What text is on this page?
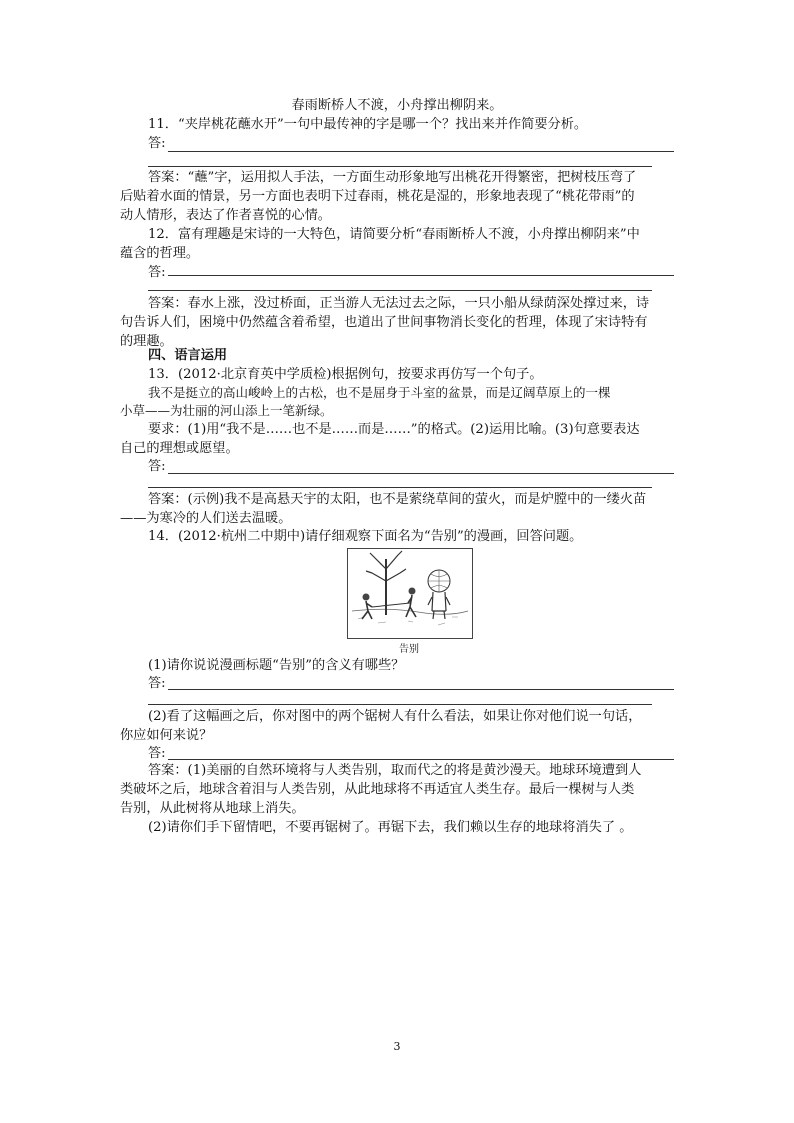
春雨断桥人不渡，小舟撑出柳阴来。
11．“夹岸桃花蘸水开”一句中最传神的字是哪一个？找出来并作简要分析。
答:
答案：“蘸”字，运用拟人手法，一方面生动形象地写出桃花开得繁密，把树枝压弯了
后贴着水面的情景，另一方面也表明下过春雨，桃花是湿的，形象地表现了“桃花带雨”的
动人情形，表达了作者喜悦的心情。
12．富有理趣是宋诗的一大特色，请简要分析“春雨断桥人不渡，小舟撑出柳阴来”中
蕴含的哲理。
答:
答案：春水上涨，没过桥面，正当游人无法过去之际，一只小船从绿荫深处撑过来，诗
句告诉人们，困境中仍然蕴含着希望，也道出了世间事物消长变化的哲理，体现了宋诗特有
的理趣。
四、语言运用
13．(2012·北京育英中学质检)根据例句，按要求再仿写一个句子。
我不是挺立的高山峻岭上的古松，也不是屈身于斗室的盆景，而是辽阔草原上的一棵
小草——为壮丽的河山添上一笔新绿。
要求：(1)用“我不是……也不是……而是……”的格式。(2)运用比喻。(3)句意要表达
自己的理想或愿望。
答:
答案：(示例)我不是高悬天宇的太阳，也不是萦绕草间的萤火，而是炉膛中的一缕火苗
——为寒冷的人们送去温暖。
14．(2012·杭州二中期中)请仔细观察下面名为“告别”的漫画，回答问题。
告别
(1)请你说说漫画标题“告别”的含义有哪些？
答:
(2)看了这幅画之后，你对图中的两个锯树人有什么看法，如果让你对他们说一句话，
你应如何来说？
答:
答案：(1)美丽的自然环境将与人类告别，取而代之的将是黄沙漫天。地球环境遭到人
类破坏之后，地球含着泪与人类告别，从此地球将不再适宜人类生存。最后一棵树与人类
告别，从此树将从地球上消失。
(2)请你们手下留情吧，不要再锯树了。再锯下去，我们赖以生存的地球将消失了 。
3
